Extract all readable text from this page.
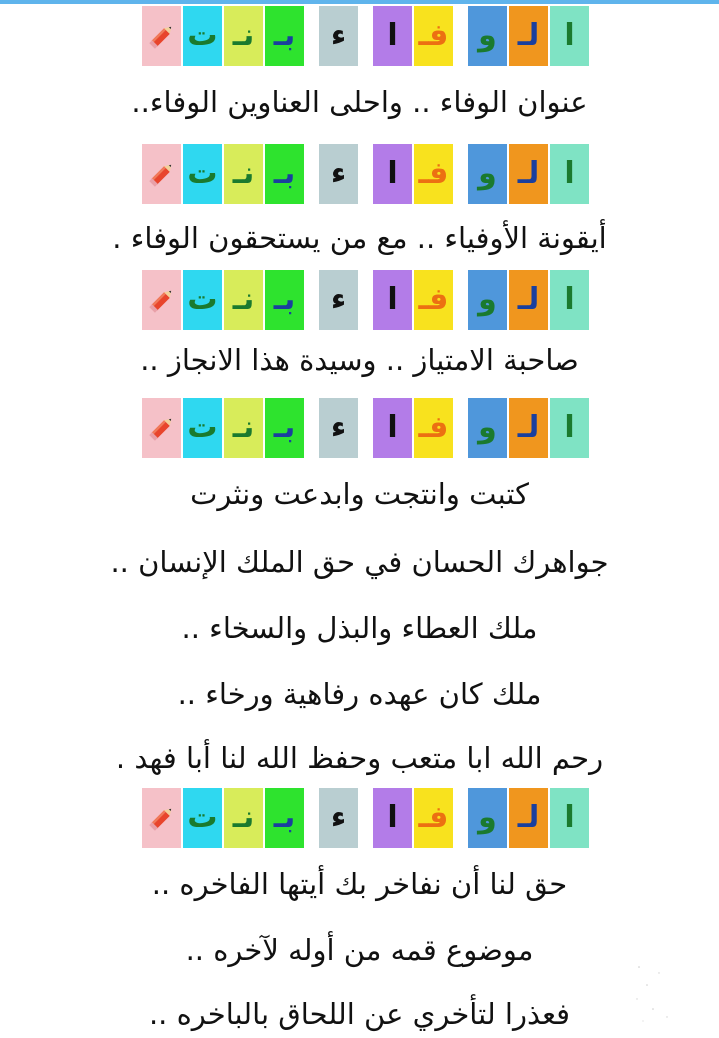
ا
لـ
و
فـ
ا
ء
بـ
نـ
ت
عنوان الوفاء .. واحلى العناوين الوفاء..
ا
لـ
و
فـ
ا
ء
بـ
نـ
ت
أيقونة الأوفياء .. مع من يستحقون الوفاء .
ا
لـ
و
فـ
ا
ء
بـ
نـ
ت
صاحبة الامتياز .. وسيدة هذا الانجاز ..
ا
لـ
و
فـ
ا
ء
بـ
نـ
ت
كتبت وانتجت وابدعت ونثرت
جواهرك الحسان في حق الملك الإنسان ..
ملك العطاء والبذل والسخاء ..
ملك كان عهده رفاهية ورخاء ..
رحم الله ابا متعب وحفظ الله لنا أبا فهد .
ا
لـ
و
فـ
ا
ء
بـ
نـ
ت
حق لنا أن نفاخر بك أيتها الفاخره ..
موضوع قمه من أوله لآخره ..
فعذرا لتأخري عن اللحاق بالباخره ..
